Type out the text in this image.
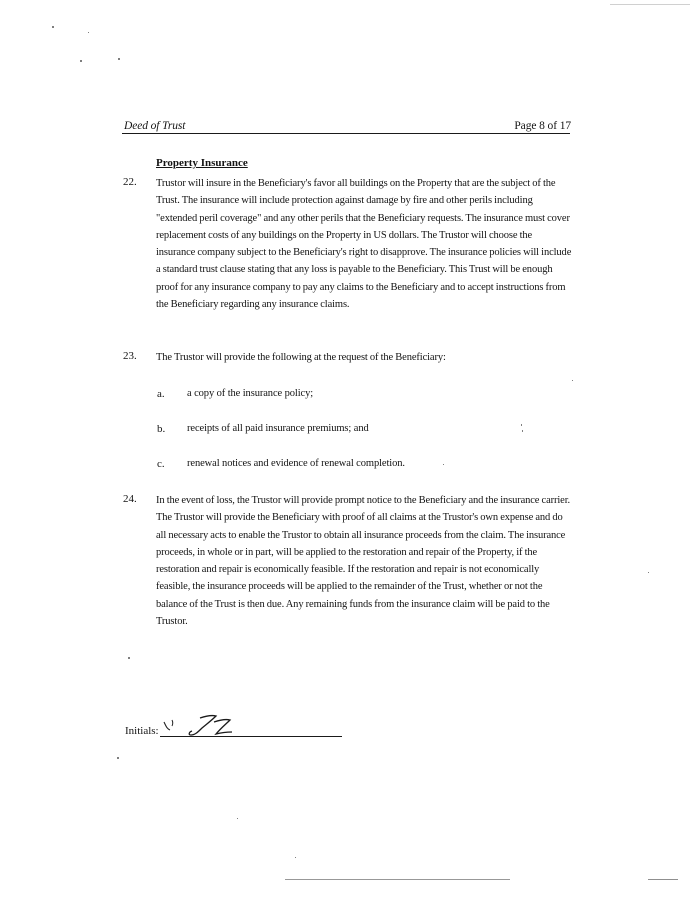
Deed of Trust	Page 8 of 17
Property Insurance
22. Trustor will insure in the Beneficiary's favor all buildings on the Property that are the subject of the Trust. The insurance will include protection against damage by fire and other perils including "extended peril coverage" and any other perils that the Beneficiary requests. The insurance must cover replacement costs of any buildings on the Property in US dollars. The Trustor will choose the insurance company subject to the Beneficiary's right to disapprove. The insurance policies will include a standard trust clause stating that any loss is payable to the Beneficiary. This Trust will be enough proof for any insurance company to pay any claims to the Beneficiary and to accept instructions from the Beneficiary regarding any insurance claims.
23. The Trustor will provide the following at the request of the Beneficiary:
a. a copy of the insurance policy;
b. receipts of all paid insurance premiums; and
c. renewal notices and evidence of renewal completion.
24. In the event of loss, the Trustor will provide prompt notice to the Beneficiary and the insurance carrier. The Trustor will provide the Beneficiary with proof of all claims at the Trustor's own expense and do all necessary acts to enable the Trustor to obtain all insurance proceeds from the claim. The insurance proceeds, in whole or in part, will be applied to the restoration and repair of the Property, if the restoration and repair is economically feasible. If the restoration and repair is not economically feasible, the insurance proceeds will be applied to the remainder of the Trust, whether or not the balance of the Trust is then due. Any remaining funds from the insurance claim will be paid to the Trustor.
Initials:
